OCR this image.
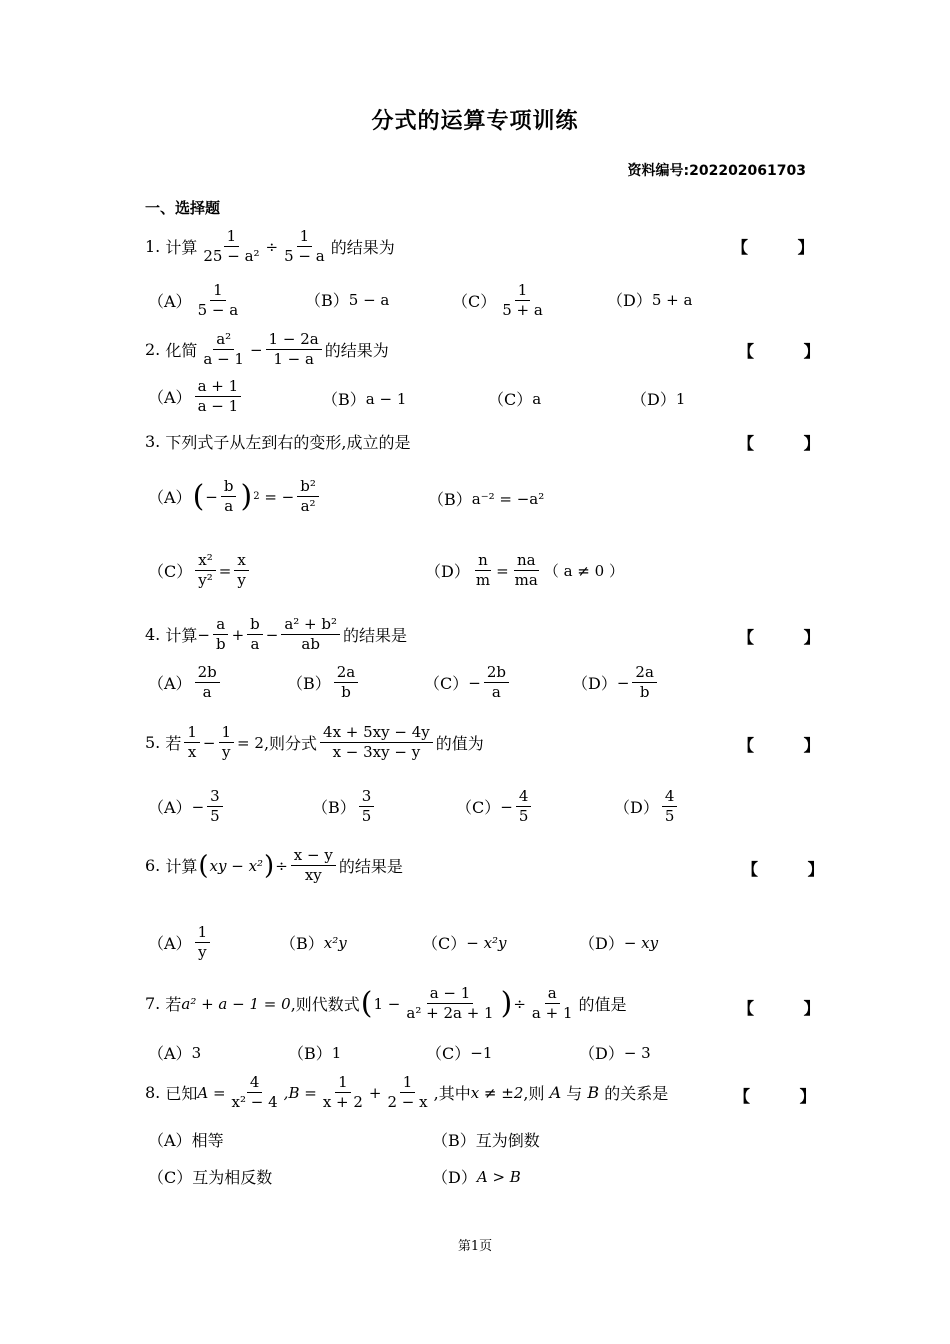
分式的运算专项训练
资料编号:202202061703
一、选择题
1.
计算 $\frac{1}{\text{25 − a²}} \div \frac{1}{5 - a}$ 的结果为	【 】
$(A) \frac{1}{5 - a}$	（B） 5 − a	$(C) \frac{1}{5 + a}$	（D） 5 + a
2.
化简 $\frac{\text{a²}}{a - 1} - \frac{1 - 2a}{1 - a}$ 的结果为	【 】
$(A) \frac{a + 1}{a - 1}$	（B） a − 1	（C） a	（D） 1
3.
下列式子从左到右的变形,成立的是	【 】
（A） ( − $\frac{b}{a}$ ) 2 = − $\frac{\text{b²}}{\text{a²}}$	（B） a⁻² = −a²
$(C) \frac{\text{x²}}{\text{y²}} = \frac{x}{y}$	$(D) \frac{n}{m} = \frac{na}{ma}$ （ a ≠ 0 ）
4.
计算 − $\frac{a}{b} + \frac{b}{a} - \frac{\text{a² + b²}}{ab}$ 的结果是	【 】
$(A) \frac{2b}{a}$	$(B) \frac{2a}{b}$	$(C) - \frac{2b}{a}$	$(D) - \frac{2a}{b}$
5.
若 $\frac{1}{x} - \frac{1}{y} = 2$ ,则分式 $\frac{4x + 5xy - 4y}{x - 3xy - y}$ 的值为	【 】
$(A) - \frac{3}{5}$	$(B) \frac{3}{5}$	$(C) - \frac{4}{5}$	$(D) \frac{4}{5}$
6.
计算 ( xy − x² ) ÷ $\frac{x - y}{xy}$ 的结果是	【 】
$(A) \frac{1}{y}$	（B） x²y	（C） − x²y	（D） − xy
7.
若 a² + a − 1 = 0 ,则代数式 ( $1 - \frac{a - 1}{\text{a² + 2a + 1}}$ ) ÷ $\frac{a}{a + 1}$ 的值是	【 】
（A） 3	（B） 1	（C） −1	（D） − 3
8.
已知 $A = \frac{4}{\text{x² − 4}} ,B = \frac{1}{x + 2} + \frac{1}{2 - x}$ ,其中 x ≠ ±2 ,则
A
与
B
的关系是	【 】
（A） 相等	（B） 互为倒数
（C） 互为相反数	（D） A > B
第1页
